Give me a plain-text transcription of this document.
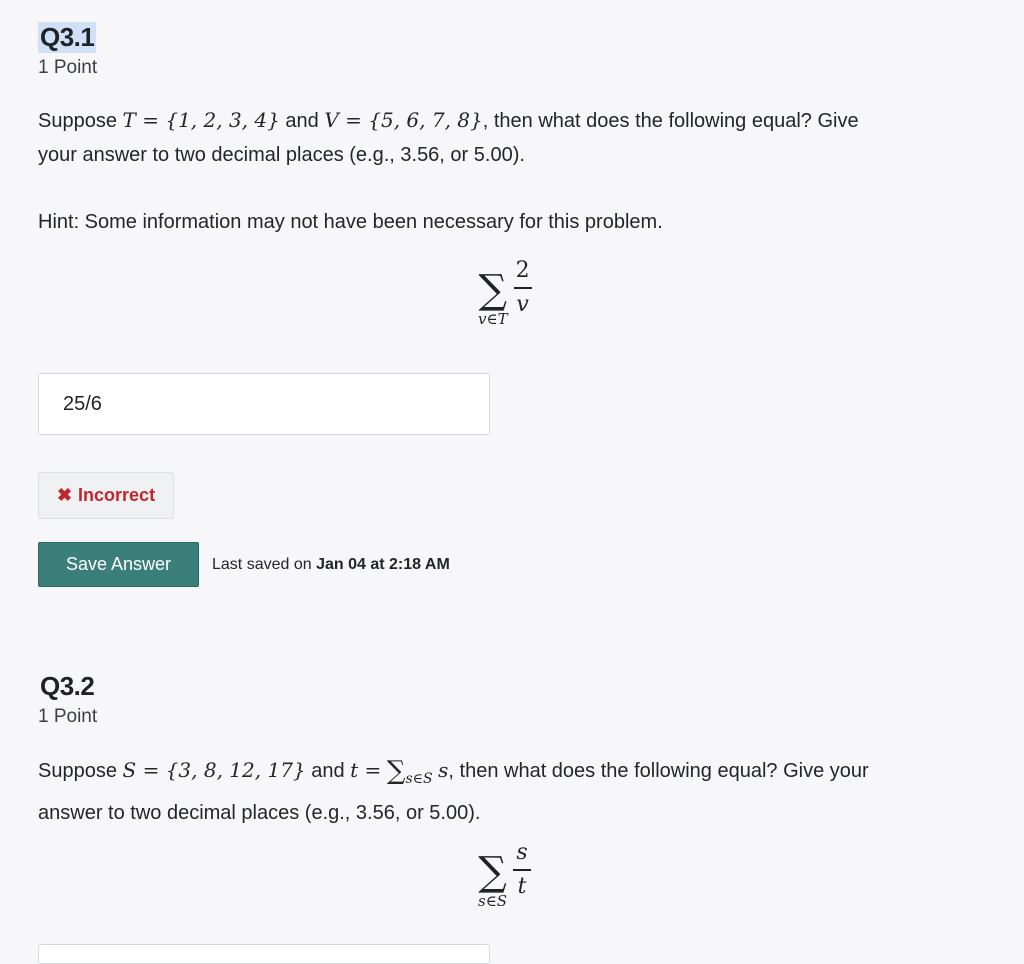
Q3.1
1 Point
Suppose T = {1, 2, 3, 4} and V = {5, 6, 7, 8}, then what does the following equal? Give
your answer to two decimal places (e.g., 3.56, or 5.00).
Hint: Some information may not have been necessary for this problem.
∑
v∈T
$\frac{2}{v}$
25/6
✖ Incorrect
Save Answer	Last saved on Jan 04 at 2:18 AM
Q3.2
1 Point
Suppose S = {3, 8, 12, 17} and $t = \sum_{s\in S}$ s, then what does the following equal? Give your
answer to two decimal places (e.g., 3.56, or 5.00).
∑
s∈S
$\frac{s}{t}$
